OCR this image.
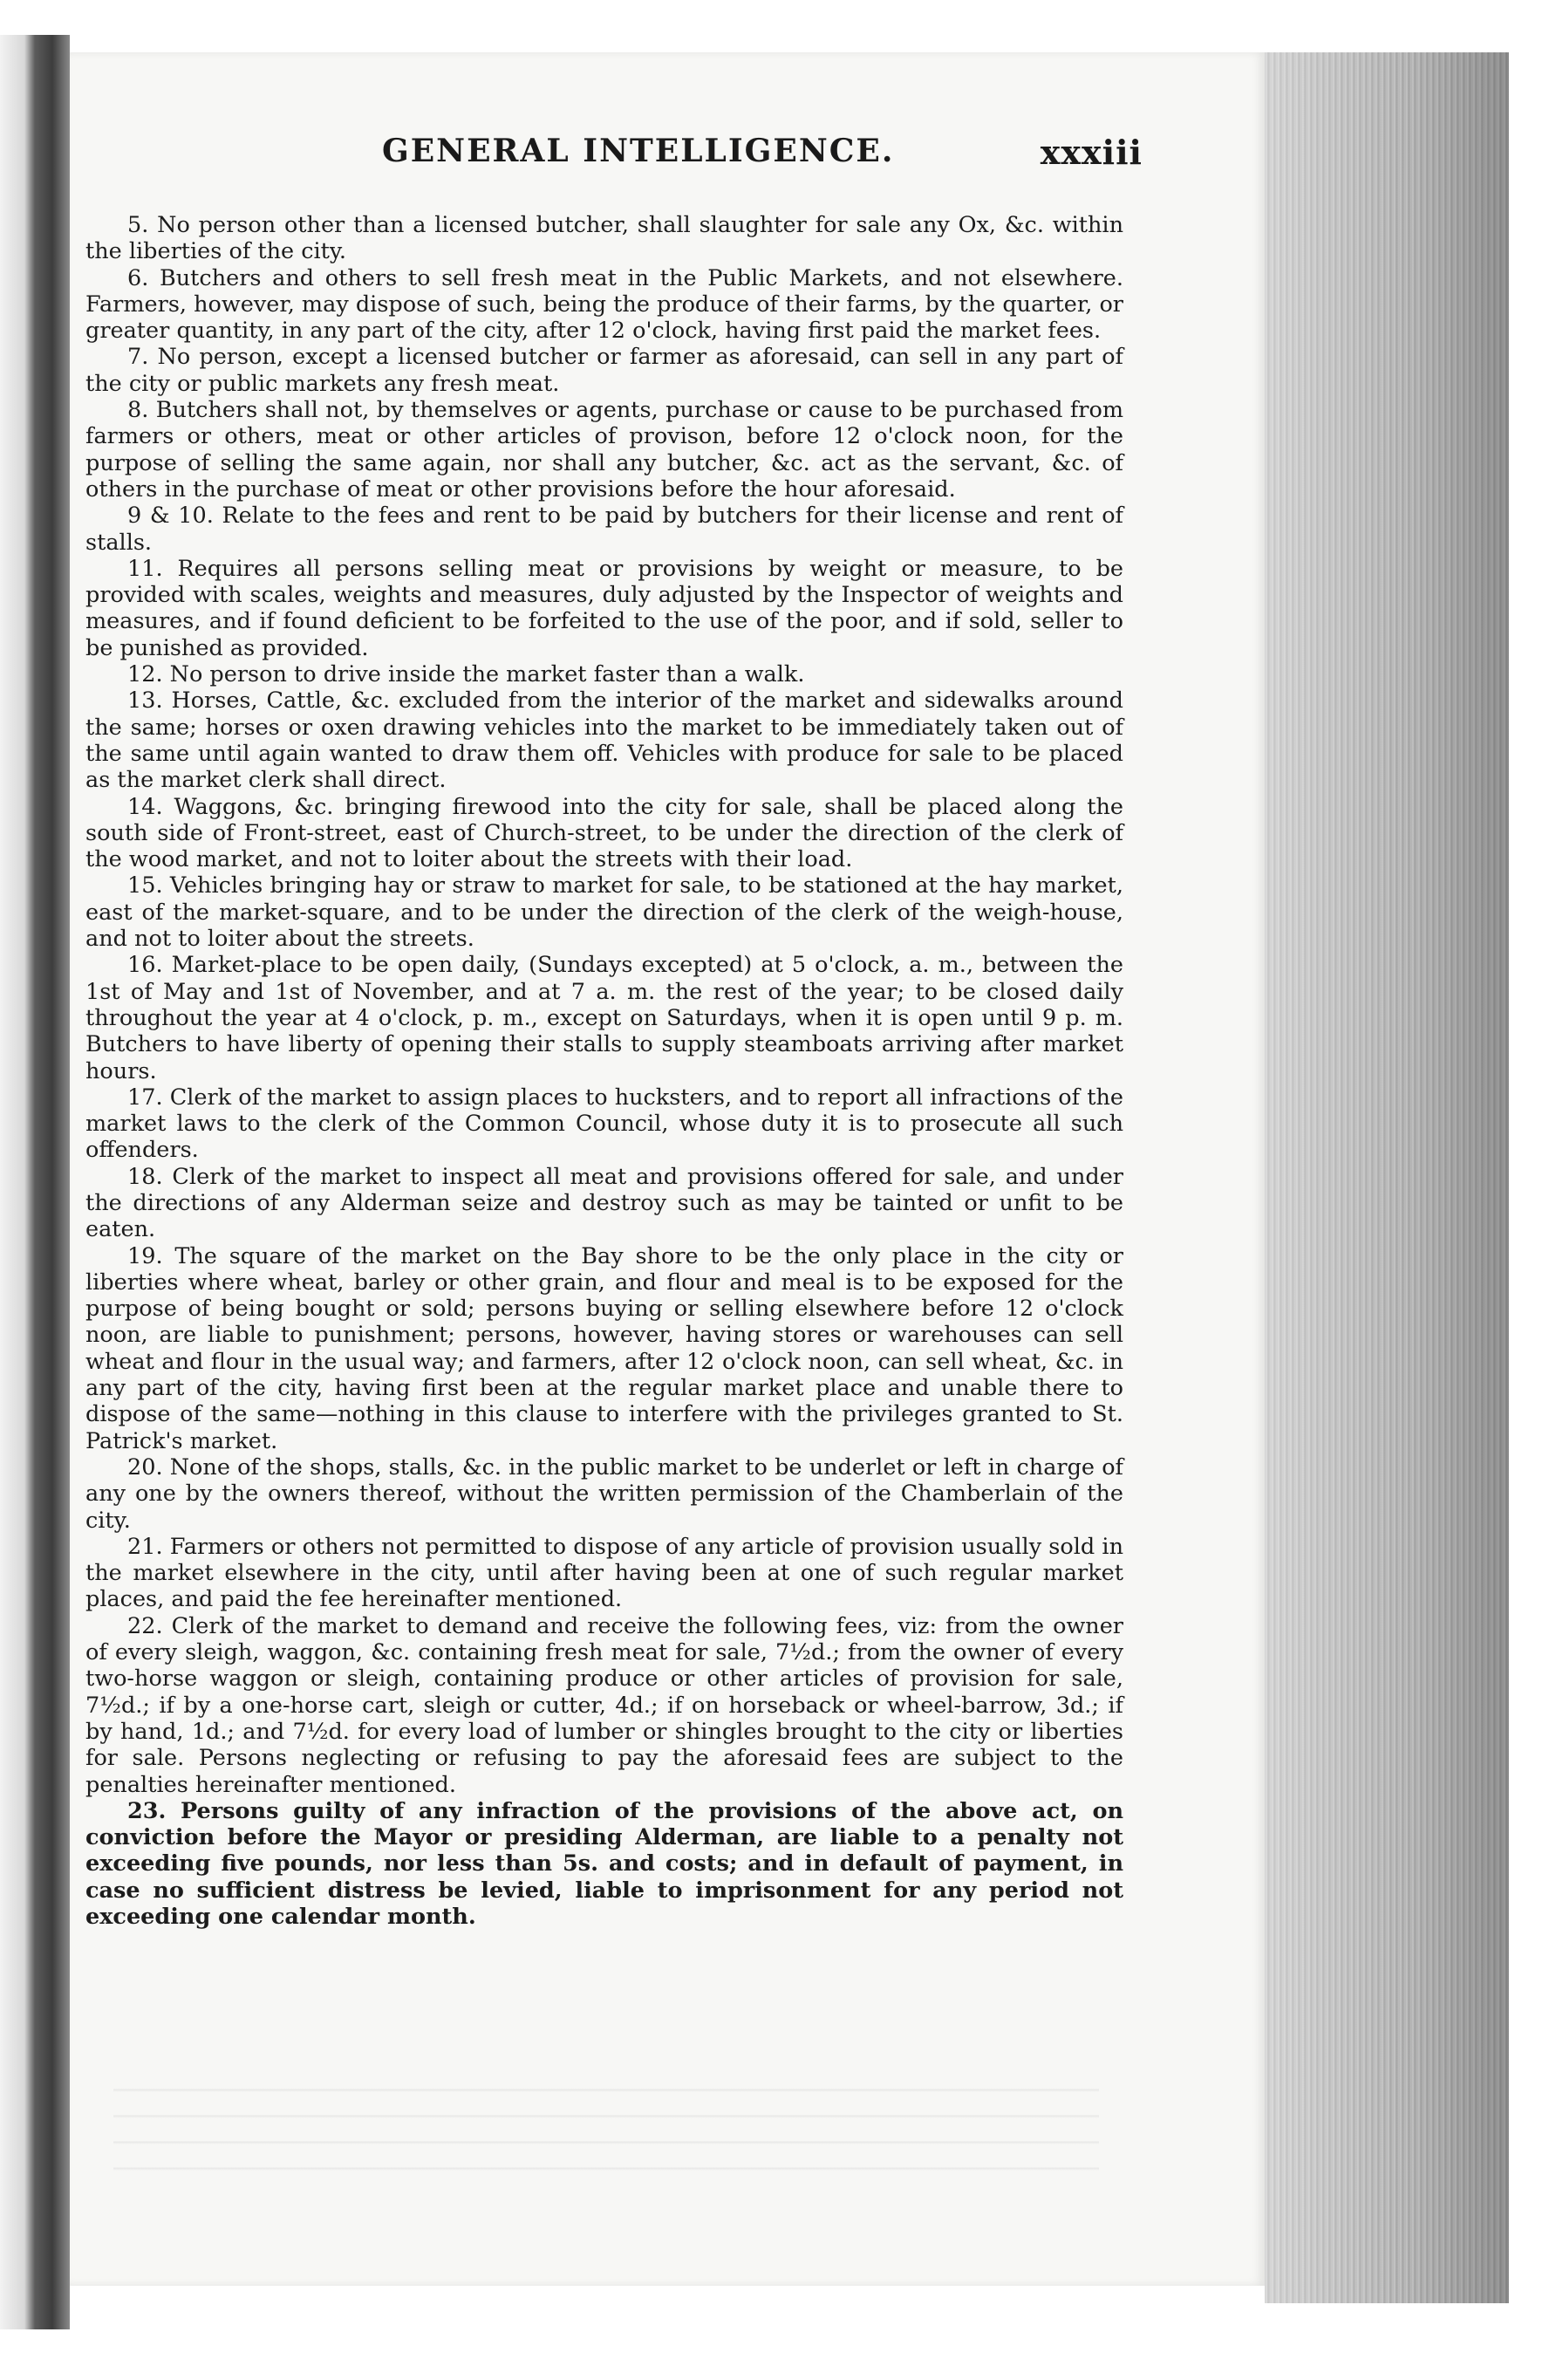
GENERAL INTELLIGENCE.	xxxiii

5. No person other than a licensed butcher, shall slaughter for sale any Ox, &c. within the liberties of the city.

6. Butchers and others to sell fresh meat in the Public Markets, and not elsewhere. Farmers, however, may dispose of such, being the produce of their farms, by the quarter, or greater quantity, in any part of the city, after 12 o'clock, having first paid the market fees.

7. No person, except a licensed butcher or farmer as aforesaid, can sell in any part of the city or public markets any fresh meat.

8. Butchers shall not, by themselves or agents, purchase or cause to be purchased from farmers or others, meat or other articles of provison, before 12 o'clock noon, for the purpose of selling the same again, nor shall any butcher, &c. act as the servant, &c. of others in the purchase of meat or other provisions before the hour aforesaid.

9 & 10. Relate to the fees and rent to be paid by butchers for their license and rent of stalls.

11. Requires all persons selling meat or provisions by weight or measure, to be provided with scales, weights and measures, duly adjusted by the Inspector of weights and measures, and if found deficient to be forfeited to the use of the poor, and if sold, seller to be punished as provided.

12. No person to drive inside the market faster than a walk.

13. Horses, Cattle, &c. excluded from the interior of the market and sidewalks around the same; horses or oxen drawing vehicles into the market to be immediately taken out of the same until again wanted to draw them off. Vehicles with produce for sale to be placed as the market clerk shall direct.

14. Waggons, &c. bringing firewood into the city for sale, shall be placed along the south side of Front-street, east of Church-street, to be under the direction of the clerk of the wood market, and not to loiter about the streets with their load.

15. Vehicles bringing hay or straw to market for sale, to be stationed at the hay market, east of the market-square, and to be under the direction of the clerk of the weigh-house, and not to loiter about the streets.

16. Market-place to be open daily, (Sundays excepted) at 5 o'clock, a. m., between the 1st of May and 1st of November, and at 7 a. m. the rest of the year; to be closed daily throughout the year at 4 o'clock, p. m., except on Saturdays, when it is open until 9 p. m. Butchers to have liberty of opening their stalls to supply steamboats arriving after market hours.

17. Clerk of the market to assign places to hucksters, and to report all infractions of the market laws to the clerk of the Common Council, whose duty it is to prosecute all such offenders.

18. Clerk of the market to inspect all meat and provisions offered for sale, and under the directions of any Alderman seize and destroy such as may be tainted or unfit to be eaten.

19. The square of the market on the Bay shore to be the only place in the city or liberties where wheat, barley or other grain, and flour and meal is to be exposed for the purpose of being bought or sold; persons buying or selling elsewhere before 12 o'clock noon, are liable to punishment; persons, however, having stores or warehouses can sell wheat and flour in the usual way; and farmers, after 12 o'clock noon, can sell wheat, &c. in any part of the city, having first been at the regular market place and unable there to dispose of the same—nothing in this clause to interfere with the privileges granted to St. Patrick's market.

20. None of the shops, stalls, &c. in the public market to be underlet or left in charge of any one by the owners thereof, without the written permission of the Chamberlain of the city.

21. Farmers or others not permitted to dispose of any article of provision usually sold in the market elsewhere in the city, until after having been at one of such regular market places, and paid the fee hereinafter mentioned.

22. Clerk of the market to demand and receive the following fees, viz: from the owner of every sleigh, waggon, &c. containing fresh meat for sale, 7½d.; from the owner of every two-horse waggon or sleigh, containing produce or other articles of provision for sale, 7½d.; if by a one-horse cart, sleigh or cutter, 4d.; if on horseback or wheel-barrow, 3d.; if by hand, 1d.; and 7½d. for every load of lumber or shingles brought to the city or liberties for sale. Persons neglecting or refusing to pay the aforesaid fees are subject to the penalties hereinafter mentioned.

23. Persons guilty of any infraction of the provisions of the above act, on conviction before the Mayor or presiding Alderman, are liable to a penalty not exceeding five pounds, nor less than 5s. and costs; and in default of payment, in case no sufficient distress be levied, liable to imprisonment for any period not exceeding one calendar month.
